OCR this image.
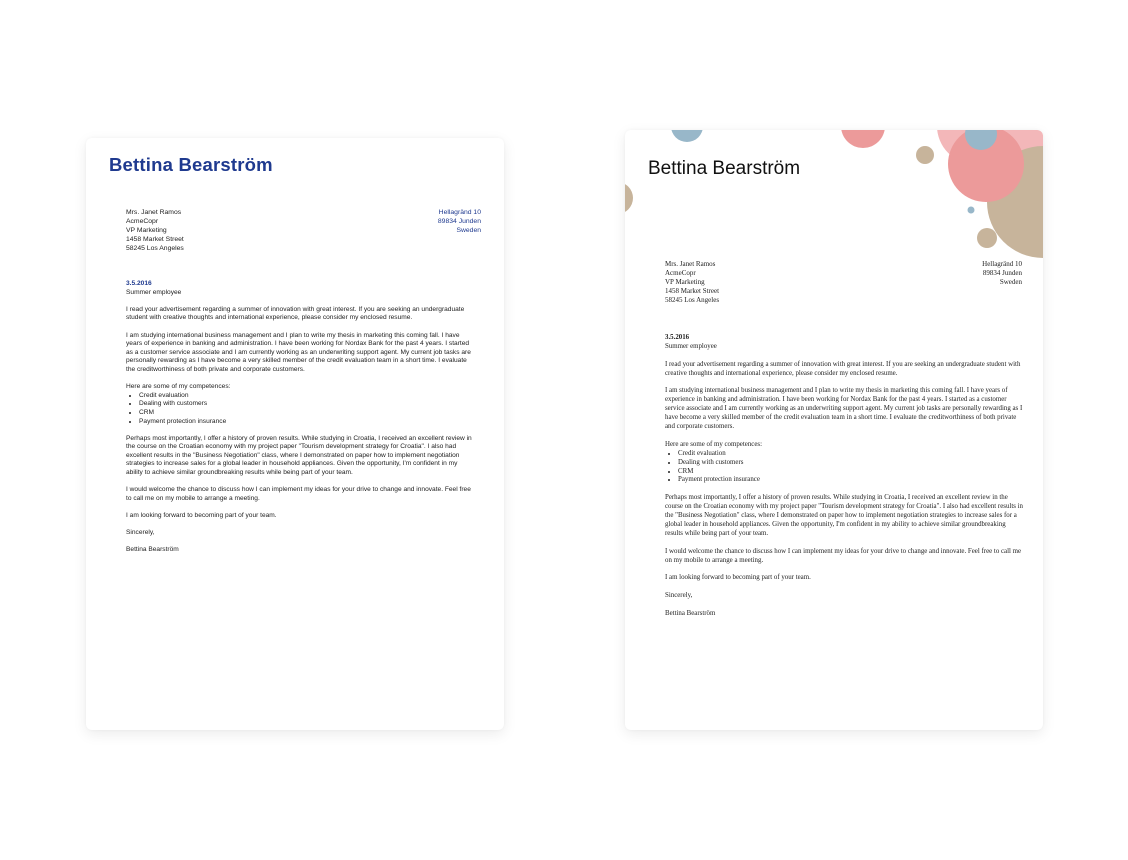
Bettina Bearström
Mrs. Janet Ramos
AcmeCopr
VP Marketing
1458 Market Street
58245 Los Angeles
Hellagränd 10
89834 Junden
Sweden
3.5.2016

Summer employee

I read your advertisement regarding a summer of innovation with great interest. If you are seeking an undergraduate student with creative thoughts and international experience, please consider my enclosed resume.

I am studying international business management and I plan to write my thesis in marketing this coming fall. I have years of experience in banking and administration. I have been working for Nordax Bank for the past 4 years. I started as a customer service associate and I am currently working as an underwriting support agent. My current job tasks are personally rewarding as I have become a very skilled member of the credit evaluation team in a short time. I evaluate the creditworthiness of both private and corporate customers.

Here are some of my competences:
• Credit evaluation
• Dealing with customers
• CRM
• Payment protection insurance

Perhaps most importantly, I offer a history of proven results. While studying in Croatia, I received an excellent review in the course on the Croatian economy with my project paper "Tourism development strategy for Croatia". I also had excellent results in the "Business Negotiation" class, where I demonstrated on paper how to implement negotiation strategies to increase sales for a global leader in household appliances. Given the opportunity, I'm confident in my ability to achieve similar groundbreaking results while being part of your team.

I would welcome the chance to discuss how I can implement my ideas for your drive to change and innovate. Feel free to call me on my mobile to arrange a meeting.

I am looking forward to becoming part of your team.

Sincerely,

Bettina Bearström

Bettina Bearström
Mrs. Janet Ramos
AcmeCopr
VP Marketing
1458 Market Street
58245 Los Angeles
Hellagränd 10
89834 Junden
Sweden
3.5.2016

Summer employee

I read your advertisement regarding a summer of innovation with great interest. If you are seeking an undergraduate student with creative thoughts and international experience, please consider my enclosed resume.

I am studying international business management and I plan to write my thesis in marketing this coming fall. I have years of experience in banking and administration. I have been working for Nordax Bank for the past 4 years. I started as a customer service associate and I am currently working as an underwriting support agent. My current job tasks are personally rewarding as I have become a very skilled member of the credit evaluation team in a short time. I evaluate the creditworthiness of both private and corporate customers.

Here are some of my competences:
• Credit evaluation
• Dealing with customers
• CRM
• Payment protection insurance

Perhaps most importantly, I offer a history of proven results. While studying in Croatia, I received an excellent review in the course on the Croatian economy with my project paper "Tourism development strategy for Croatia". I also had excellent results in the "Business Negotiation" class, where I demonstrated on paper how to implement negotiation strategies to increase sales for a global leader in household appliances. Given the opportunity, I'm confident in my ability to achieve similar groundbreaking results while being part of your team.

I would welcome the chance to discuss how I can implement my ideas for your drive to change and innovate. Feel free to call me on my mobile to arrange a meeting.

I am looking forward to becoming part of your team.

Sincerely,

Bettina Bearström
